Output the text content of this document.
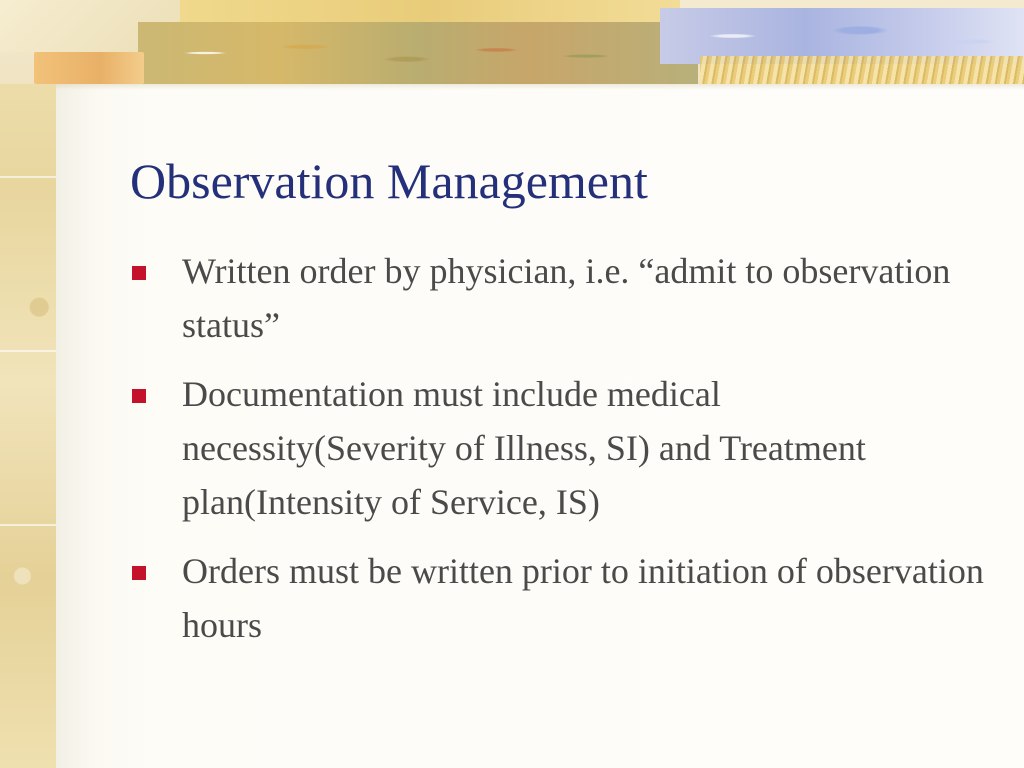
Observation Management
Written order by physician, i.e. “admit to observation status”
Documentation must include medical necessity(Severity of Illness, SI) and Treatment plan(Intensity of Service, IS)
Orders must be written prior to initiation of observation hours
